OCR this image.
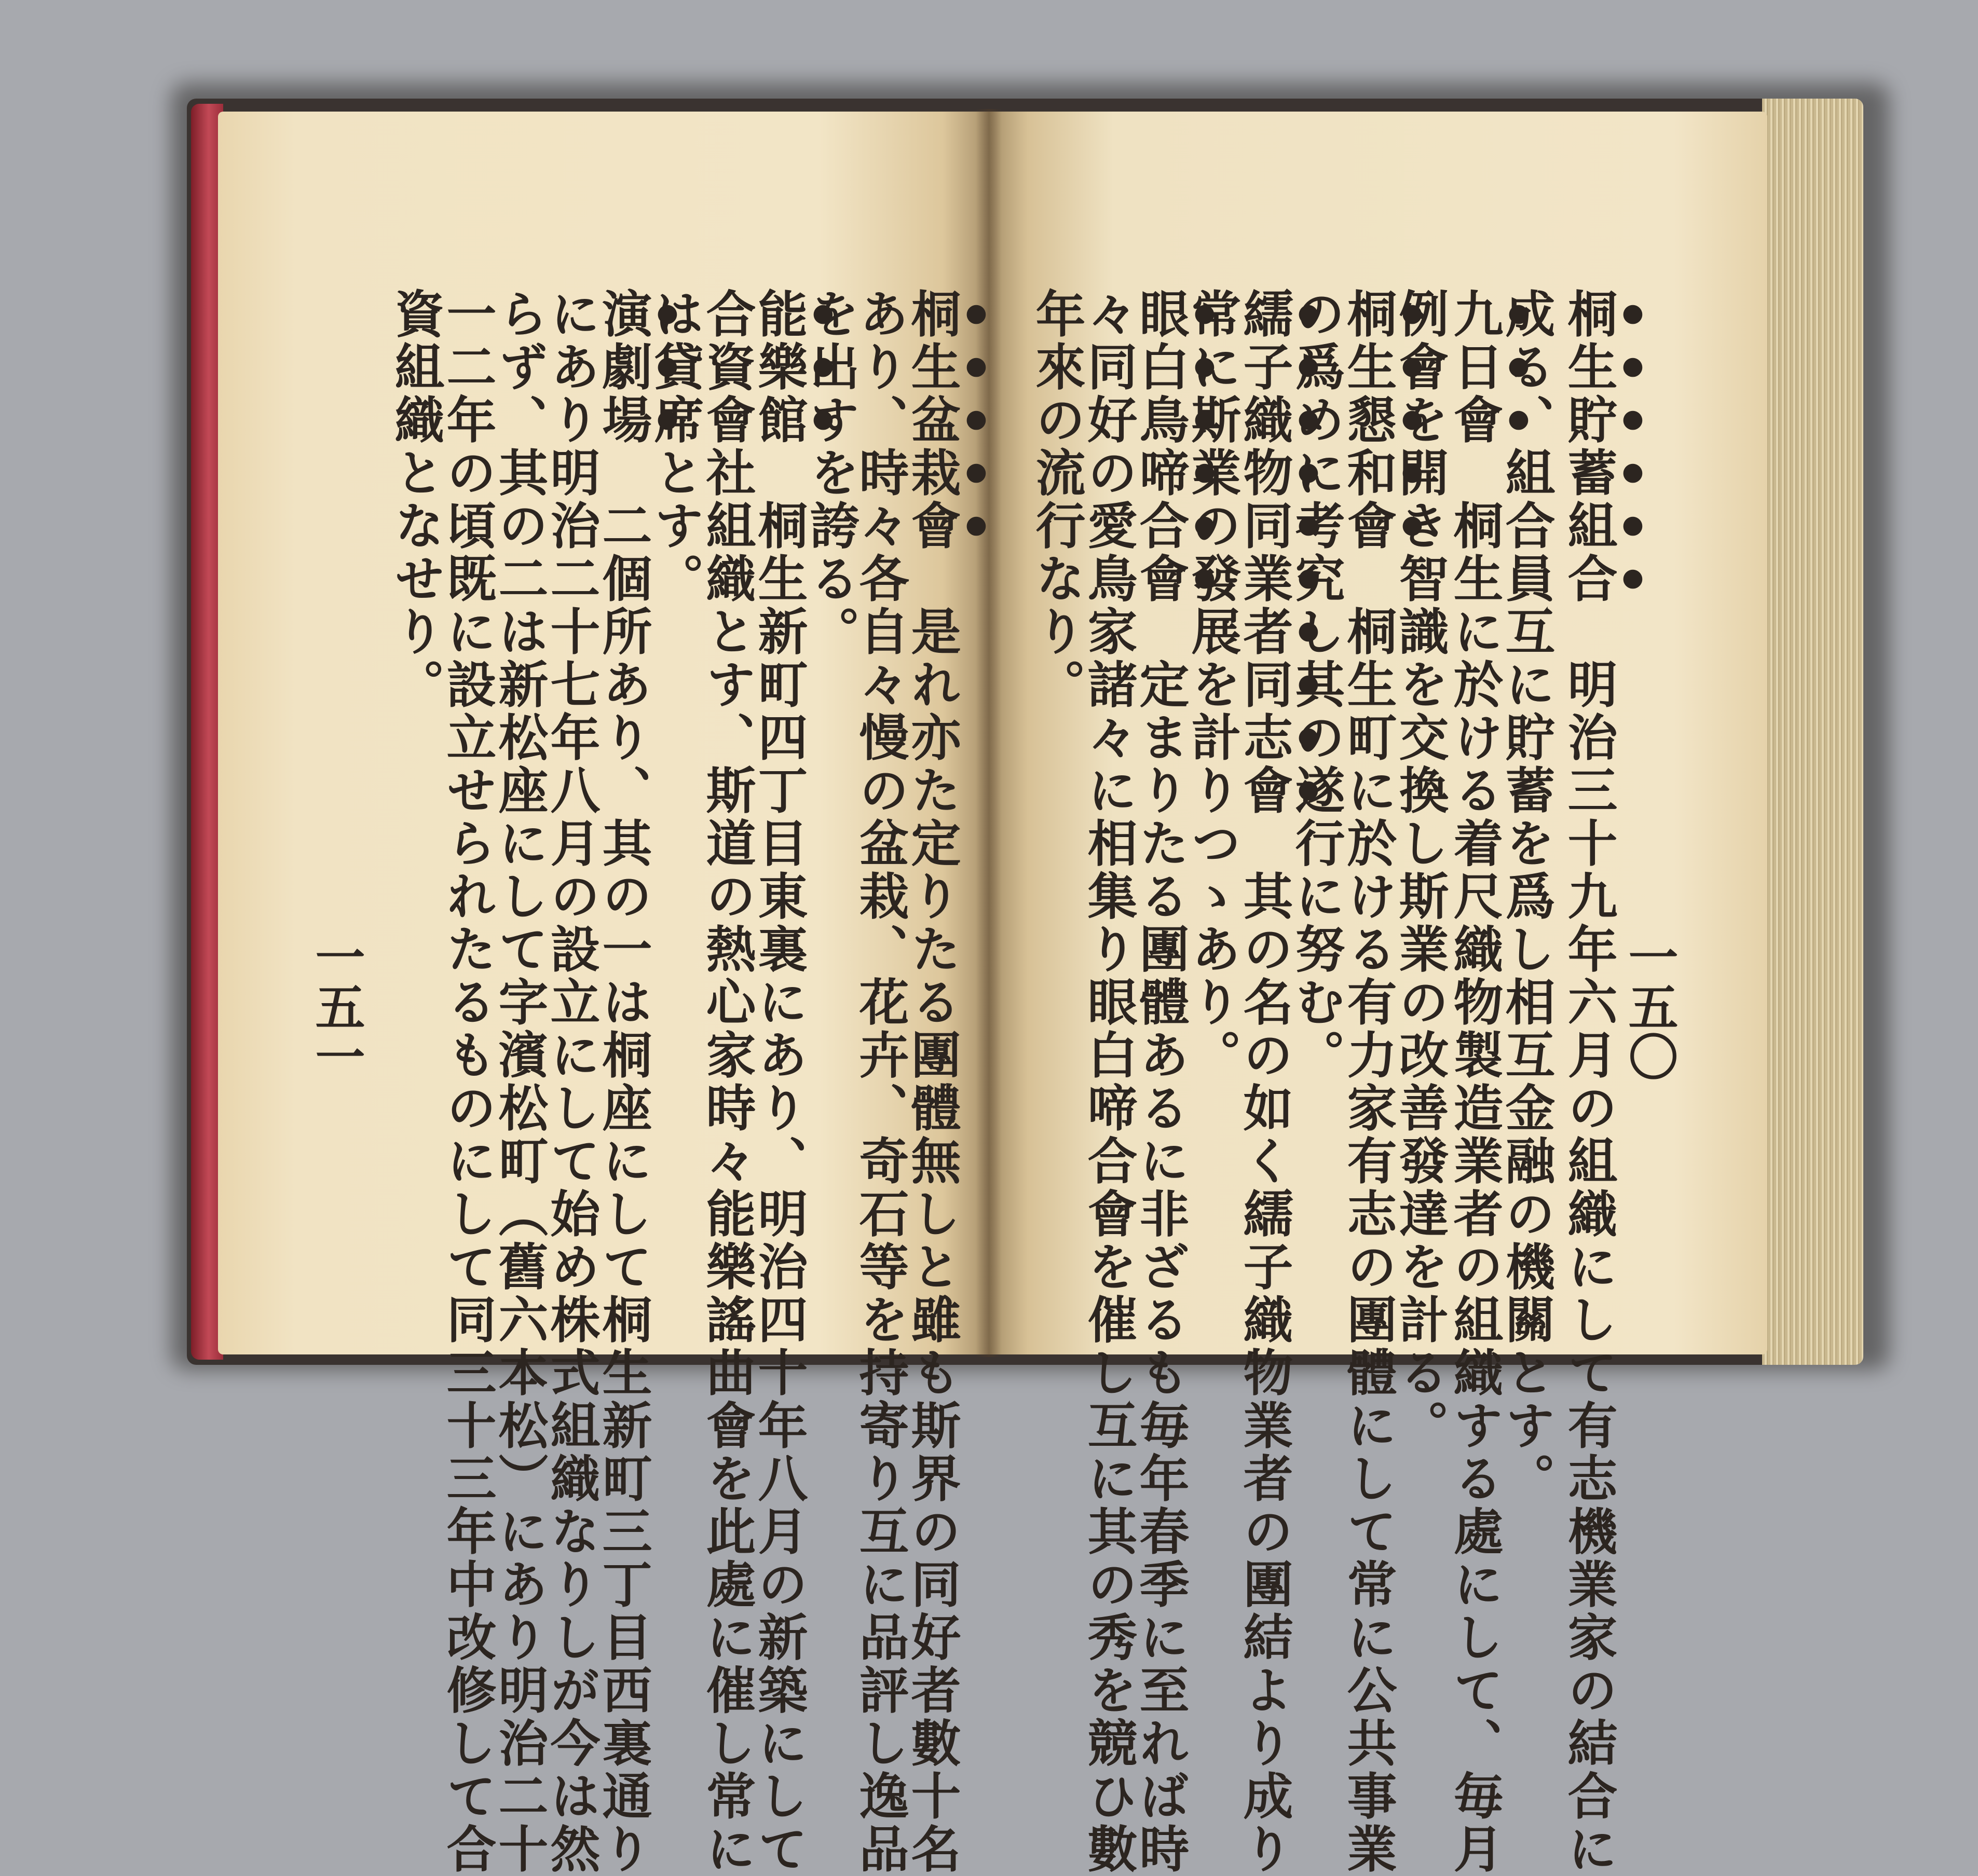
桐生貯蓄組合　明治三十九年六月の組織にして有志機業家の結合に
成る、組合員互に貯蓄を爲し相互金融の機關とす。
九日會　桐生に於ける着尺織物製造業者の組織する處にして、毎月
例會を開き智識を交換し斯業の改善發達を計る。
桐生懇和會　桐生町に於ける有力家有志の團體にして常に公共事業
の爲めに考究し其の遂行に努む。
繻子織物同業者同志會　其の名の如く繻子織物業者の團結より成り
常に斯業の發展を計りつゝあり。
眼白鳥啼合會　定まりたる團體あるに非ざるも毎年春季に至れば時
々同好の愛鳥家諸々に相集り眼白啼合會を催し互に其の秀を競ひ數
年來の流行なり。
一五〇
桐生盆栽會　是れ亦た定りたる團體無しと雖も斯界の同好者數十名
あり、時々各自々慢の盆栽、花卉、奇石等を持寄り互に品評し逸品
を出すを誇る。
能樂館　桐生新町四丁目東裏にあり、明治四十年八月の新築にして
合資會社組織とす、斯道の熱心家時々能樂謠曲會を此處に催し常に
は貸席とす。
演劇場　二個所あり、其の一は桐座にして桐生新町三丁目西裏通り
にあり明治二十七年八月の設立にして始め株式組織なりしが今は然
らず、其の二は新松座にして字濱松町（舊六本松）にあり明治二十
一二年の頃既に設立せられたるものにして同三十三年中改修して合
資組織となせり。
一五一
